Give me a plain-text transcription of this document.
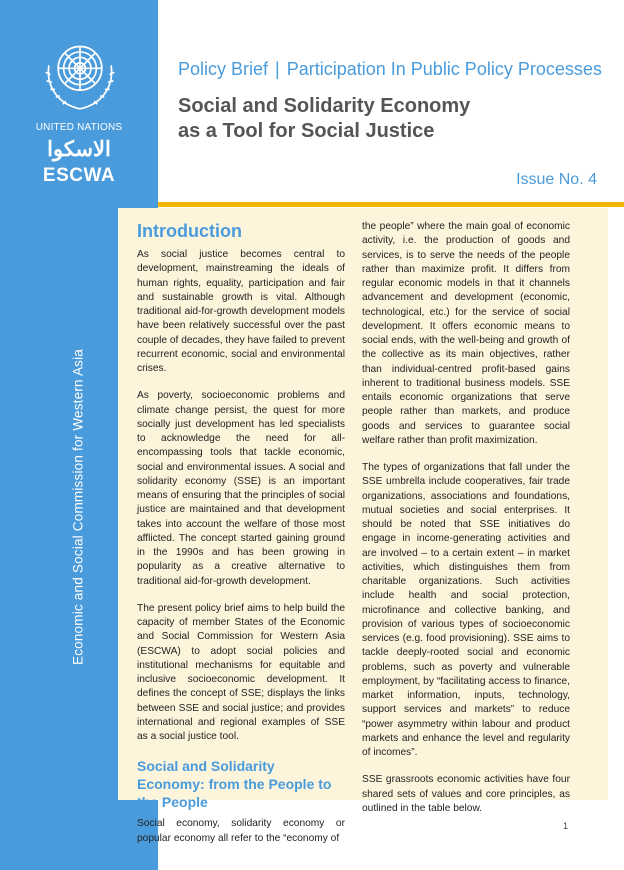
UNITED NATIONS
الاسكوا
ESCWA
Economic and Social Commission for Western Asia
Policy Brief | Participation In Public Policy Processes
Social and Solidarity Economy
as a Tool for Social Justice
Issue No. 4
Introduction

As social justice becomes central to development, mainstreaming the ideals of human rights, equality, participation and fair and sustainable growth is vital. Although traditional aid-for-growth development models have been relatively successful over the past couple of decades, they have failed to prevent recurrent economic, social and environmental crises.

As poverty, socioeconomic problems and climate change persist, the quest for more socially just development has led specialists to acknowledge the need for all-encompassing tools that tackle economic, social and environmental issues. A social and solidarity economy (SSE) is an important means of ensuring that the principles of social justice are maintained and that development takes into account the welfare of those most afflicted. The concept started gaining ground in the 1990s and has been growing in popularity as a creative alternative to traditional aid-for-growth development.

The present policy brief aims to help build the capacity of member States of the Economic and Social Commission for Western Asia (ESCWA) to adopt social policies and institutional mechanisms for equitable and inclusive socioeconomic development. It defines the concept of SSE; displays the links between SSE and social justice; and provides international and regional examples of SSE as a social justice tool.

Social and Solidarity Economy: from the People to the People

Social economy, solidarity economy or popular economy all refer to the “economy of

the people” where the main goal of economic activity, i.e. the production of goods and services, is to serve the needs of the people rather than maximize profit. It differs from regular economic models in that it channels advancement and development (economic, technological, etc.) for the service of social development. It offers economic means to social ends, with the well-being and growth of the collective as its main objectives, rather than individual-centred profit-based gains inherent to traditional business models. SSE entails economic organizations that serve people rather than markets, and produce goods and services to guarantee social welfare rather than profit maximization.

The types of organizations that fall under the SSE umbrella include cooperatives, fair trade organizations, associations and foundations, mutual societies and social enterprises. It should be noted that SSE initiatives do engage in income-generating activities and are involved – to a certain extent – in market activities, which distinguishes them from charitable organizations. Such activities include health and social protection, microfinance and collective banking, and provision of various types of socioeconomic services (e.g. food provisioning). SSE aims to tackle deeply-rooted social and economic problems, such as poverty and vulnerable employment, by “facilitating access to finance, market information, inputs, technology, support services and markets” to reduce “power asymmetry within labour and product markets and enhance the level and regularity of incomes”.

SSE grassroots economic activities have four shared sets of values and core principles, as outlined in the table below.

1
